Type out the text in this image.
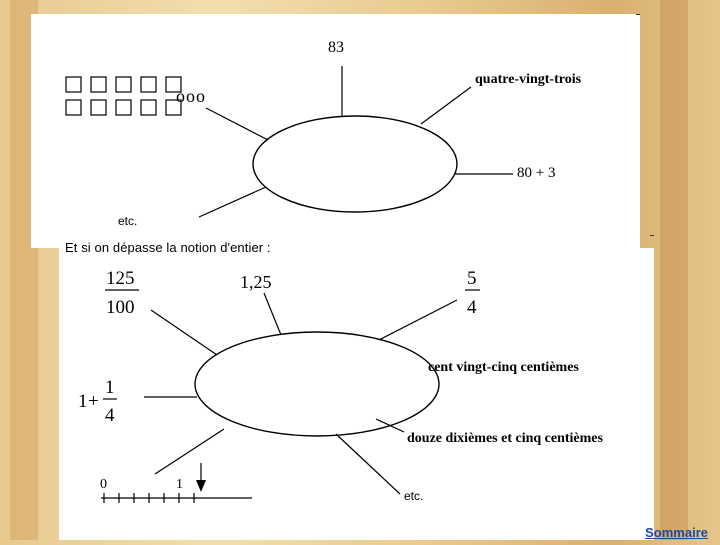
ooo
83
quatre-vingt-trois
80 + 3
etc.
125
100
1,25	5
4
cent vingt-cinq centièmes
douze dixièmes et cinq centièmes
1 +
1
4
0	1
etc.
Et si on dépasse la notion d'entier :
Sommaire
